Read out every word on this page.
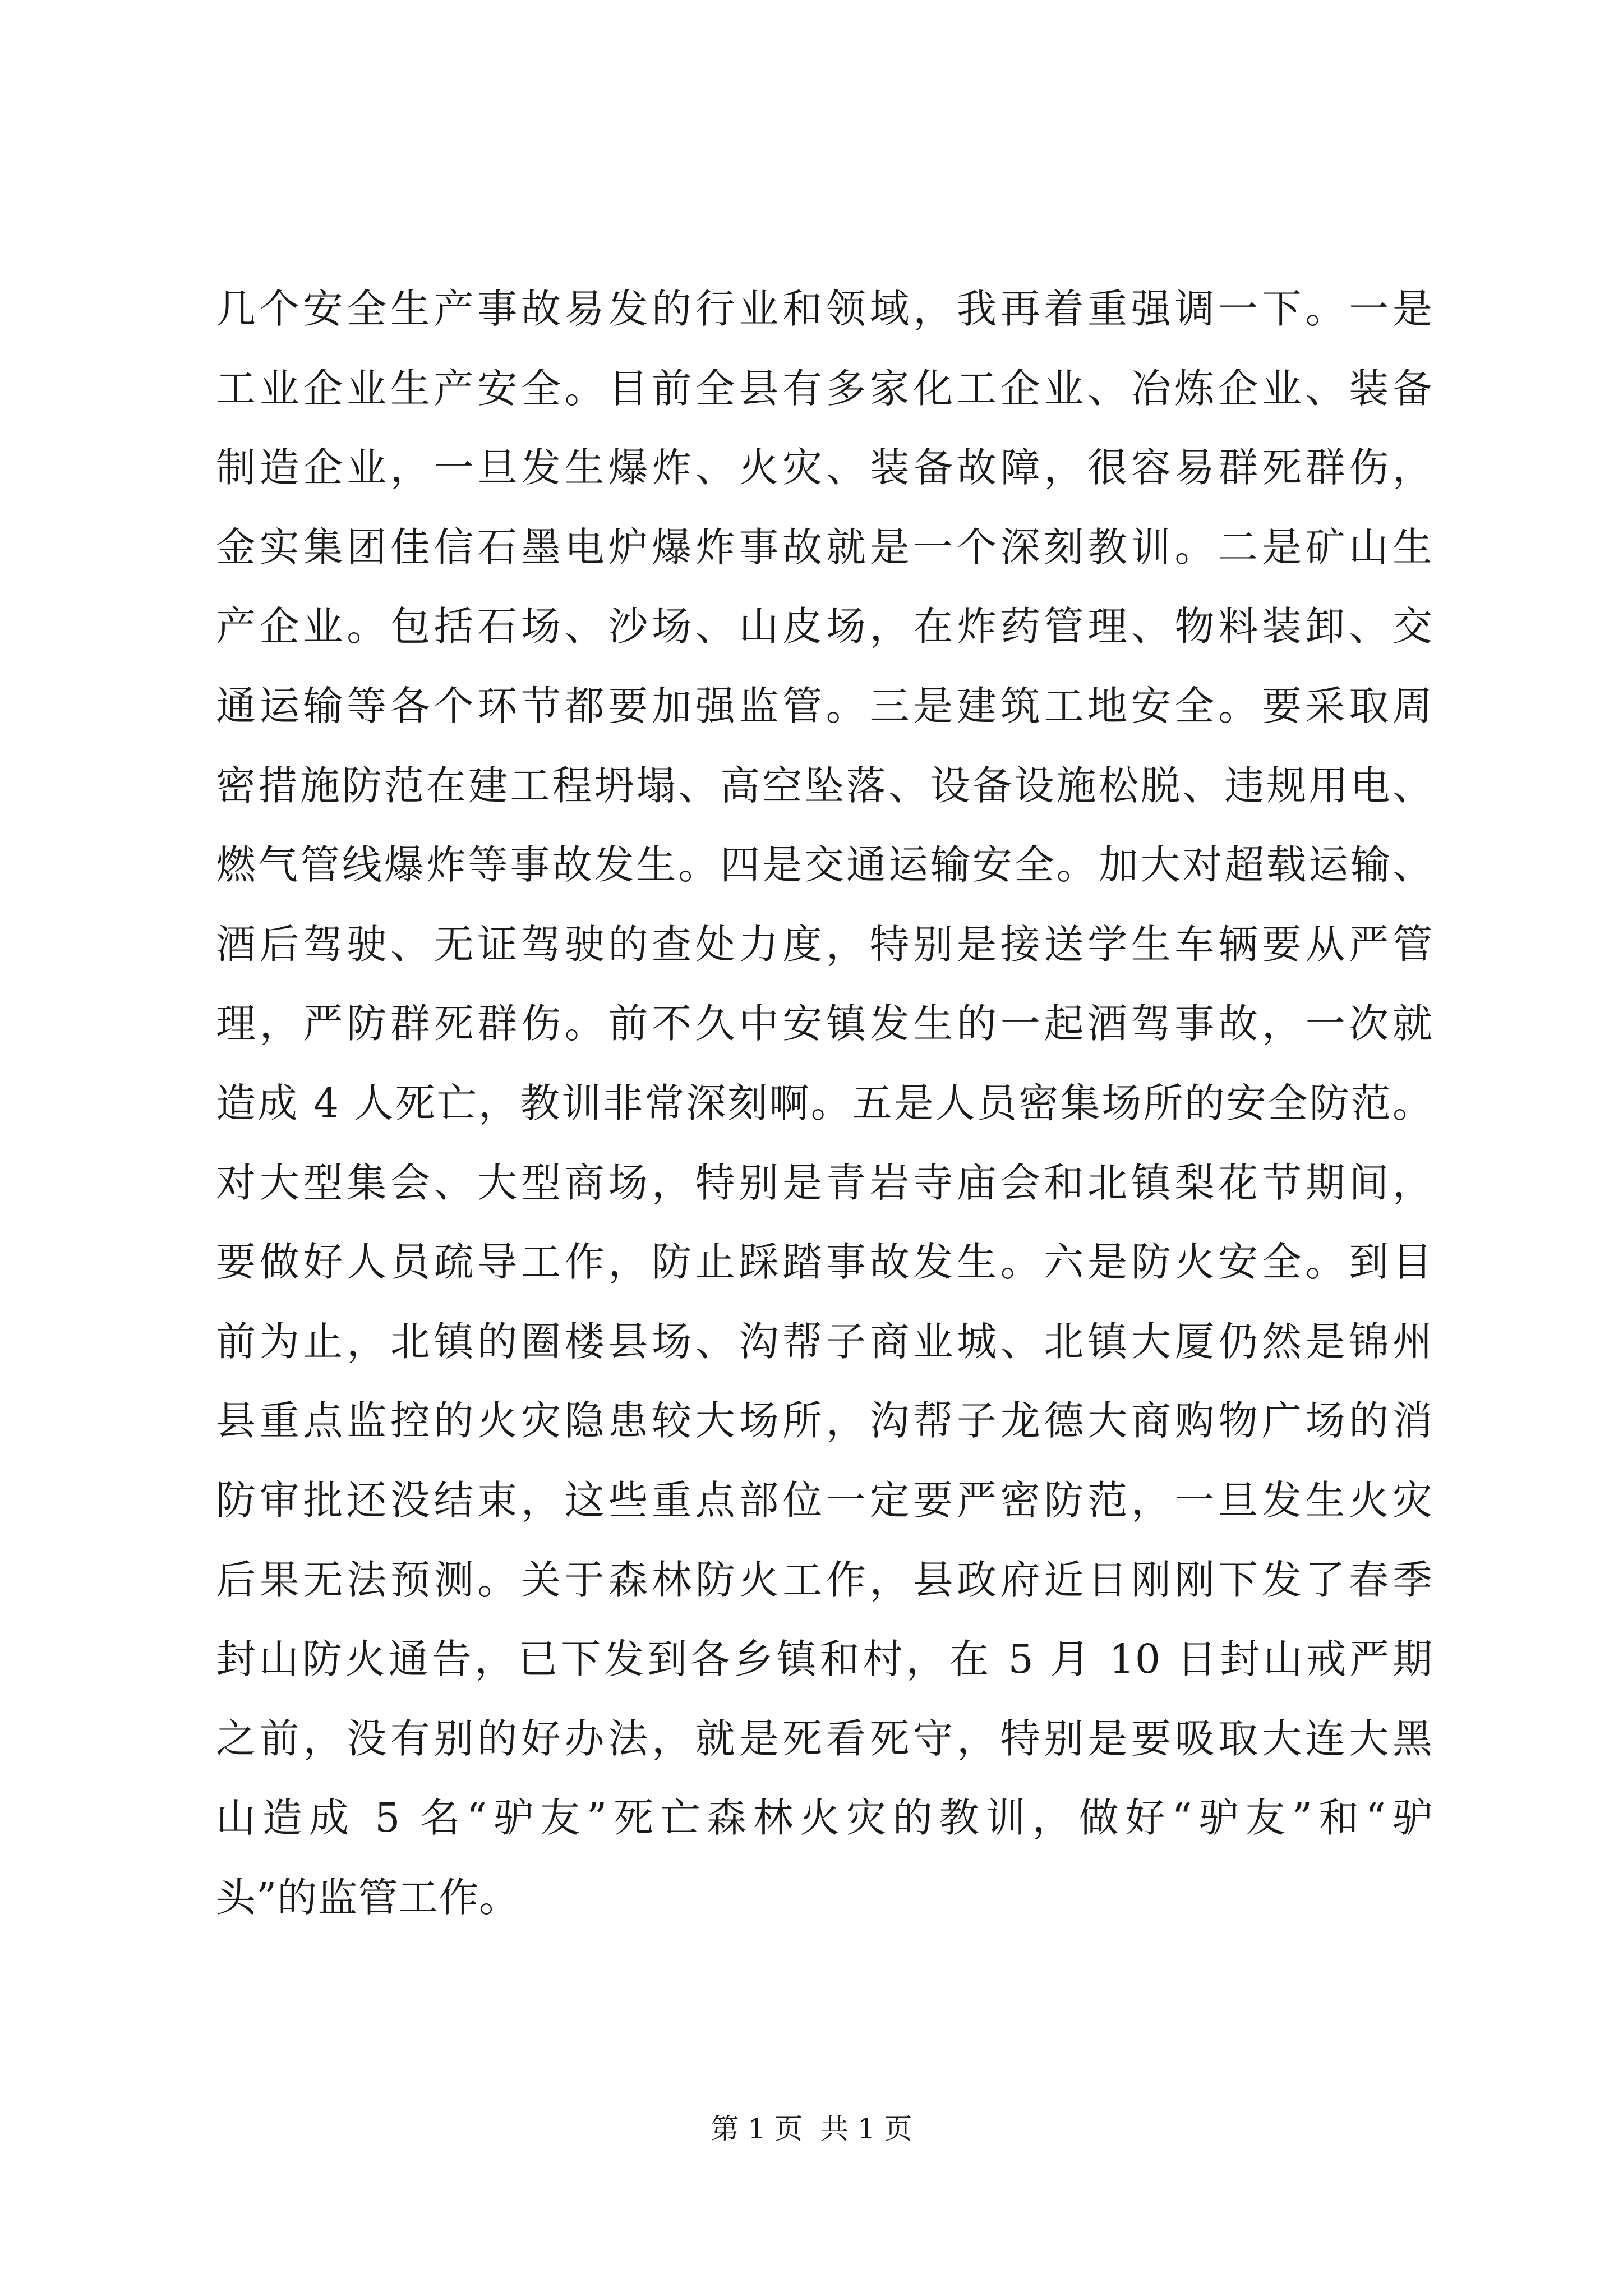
几个安全生产事故易发的行业和领域，我再着重强调一下。一是
工业企业生产安全。目前全县有多家化工企业、冶炼企业、装备
制造企业，一旦发生爆炸、火灾、装备故障，很容易群死群伤，
金实集团佳信石墨电炉爆炸事故就是一个深刻教训。二是矿山生
产企业。包括石场、沙场、山皮场，在炸药管理、物料装卸、交
通运输等各个环节都要加强监管。三是建筑工地安全。要采取周
密措施防范在建工程坍塌、高空坠落、设备设施松脱、违规用电、
燃气管线爆炸等事故发生。四是交通运输安全。加大对超载运输、
酒后驾驶、无证驾驶的查处力度，特别是接送学生车辆要从严管
理，严防群死群伤。前不久中安镇发生的一起酒驾事故，一次就
造成 4 人死亡，教训非常深刻啊。五是人员密集场所的安全防范。
对大型集会、大型商场，特别是青岩寺庙会和北镇梨花节期间，
要做好人员疏导工作，防止踩踏事故发生。六是防火安全。到目
前为止，北镇的圈楼县场、沟帮子商业城、北镇大厦仍然是锦州
县重点监控的火灾隐患较大场所，沟帮子龙德大商购物广场的消
防审批还没结束，这些重点部位一定要严密防范，一旦发生火灾
后果无法预测。关于森林防火工作，县政府近日刚刚下发了春季
封山防火通告，已下发到各乡镇和村，在 5 月 10 日封山戒严期
之前，没有别的好办法，就是死看死守，特别是要吸取大连大黑
山造成 5 名“驴友”死亡森林火灾的教训，做好“驴友”和“驴
头”的监管工作。
第 1 页  共 1 页
